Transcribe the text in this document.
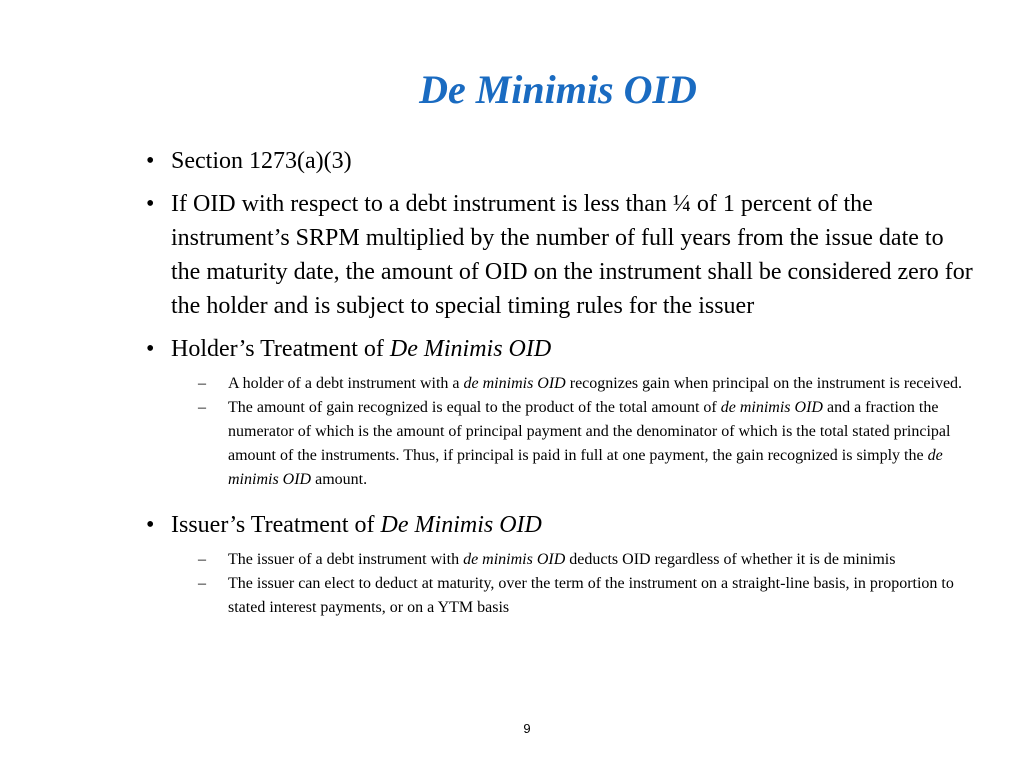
De Minimis OID
• Section 1273(a)(3)
• If OID with respect to a debt instrument is less than ¼ of 1 percent of the instrument’s SRPM multiplied by the number of full years from the issue date to the maturity date, the amount of OID on the instrument shall be considered zero for the holder and is subject to special timing rules for the issuer
• Holder’s Treatment of De Minimis OID
– A holder of a debt instrument with a de minimis OID recognizes gain when principal on the instrument is received.
– The amount of gain recognized is equal to the product of the total amount of de minimis OID and a fraction the numerator of which is the amount of principal payment and the denominator of which is the total stated principal amount of the instruments. Thus, if principal is paid in full at one payment, the gain recognized is simply the de minimis OID amount.
• Issuer’s Treatment of De Minimis OID
– The issuer of a debt instrument with de minimis OID deducts OID regardless of whether it is de minimis
– The issuer can elect to deduct at maturity, over the term of the instrument on a straight-line basis, in proportion to stated interest payments, or on a YTM basis
9
